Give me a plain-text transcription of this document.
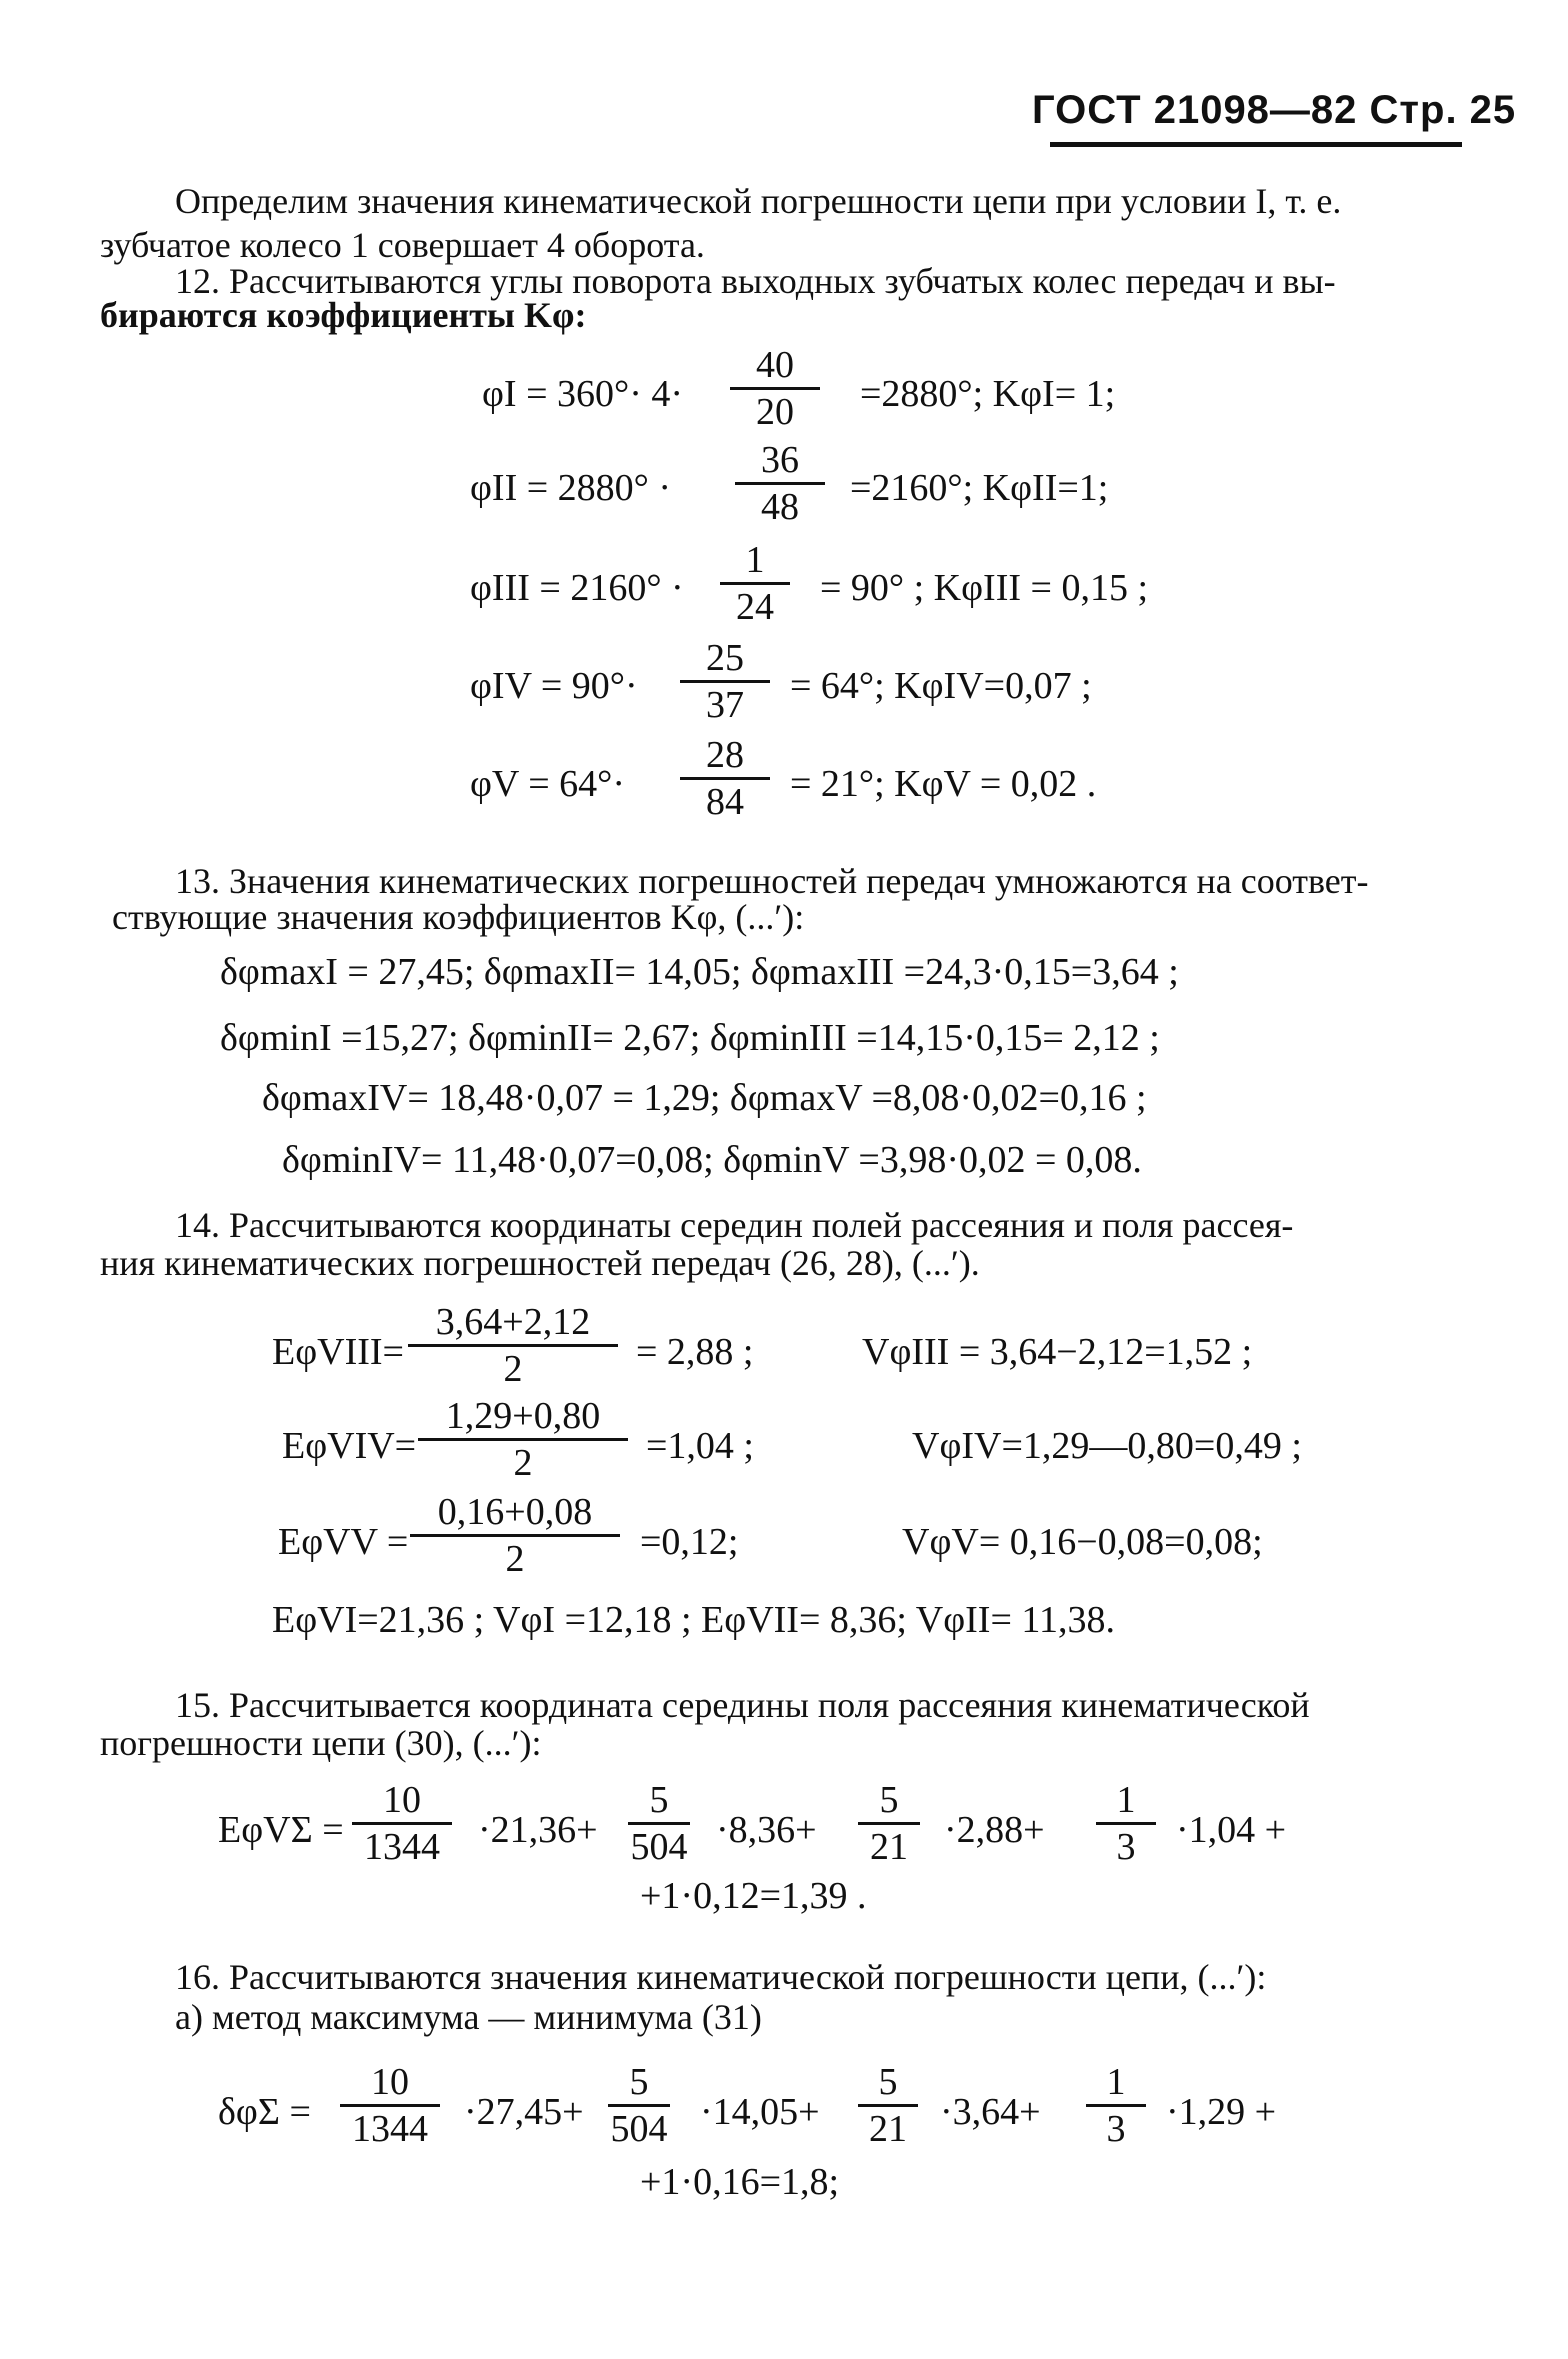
ГОСТ 21098—82 Стр. 25
Определим значения кинематической погрешности цепи при условии I, т. е.
зубчатое колесо 1 совершает 4 оборота.
12. Рассчитываются углы поворота выходных зубчатых колес передач и вы-
бираются коэффициенты Kφ:
φI = 360°· 4·
40
20	=2880°; KφI= 1;
φII = 2880° ·
36
48	=2160°; KφII=1;
φIII = 2160° ·
1
24	= 90° ; KφIII = 0,15 ;
φIV = 90°·
25
37	= 64°; KφIV=0,07 ;
φV = 64°·
28
84	= 21°; KφV = 0,02 .
13. Значения кинематических погрешностей передач умножаются на соответ-
ствующие значения коэффициентов Kφ, (...′):
δφmaxI = 27,45; δφmaxII= 14,05; δφmaxIII =24,3·0,15=3,64 ;
δφminI =15,27; δφminII= 2,67; δφminIII =14,15·0,15= 2,12 ;
δφmaxIV= 18,48·0,07 = 1,29; δφmaxV =8,08·0,02=0,16 ;
δφminIV= 11,48·0,07=0,08; δφminV =3,98·0,02 = 0,08.
14. Рассчитываются координаты середин полей рассеяния и поля рассея-
ния кинематических погрешностей передач (26, 28), (...′).
EφVIII=
3,64+2,12
2	= 2,88 ;	VφIII = 3,64−2,12=1,52 ;
EφVIV=
1,29+0,80
2	=1,04 ;	VφIV=1,29—0,80=0,49 ;
EφVV =
0,16+0,08
2	=0,12;	VφV= 0,16−0,08=0,08;
EφVI=21,36 ; VφI =12,18 ; EφVII= 8,36; VφII= 11,38.
15. Рассчитывается координата середины поля рассеяния кинематической
погрешности цепи (30), (...′):
EφVΣ =
10
1344	·21,36+
5
504 ·8,36+
5
21 ·2,88+
1
3	·1,04 +
+1·0,12=1,39 .
16. Рассчитываются значения кинематической погрешности цепи, (...′):
а) метод максимума — минимума (31)
δφΣ =
10
1344 ·27,45+
5
504 ·14,05+
5
21 ·3,64+
1
3	·1,29 +
+1·0,16=1,8;
